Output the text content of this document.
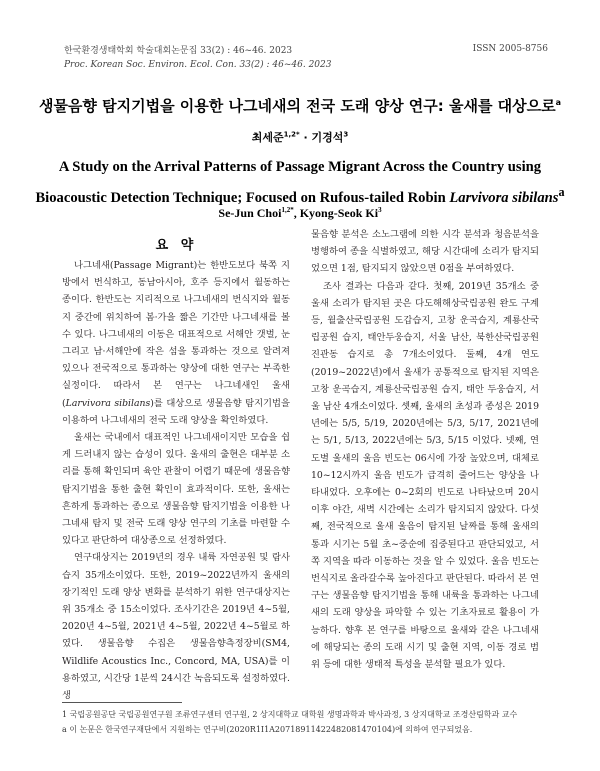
한국환경생태학회 학술대회논문집 33(2) : 46~46. 2023
Proc. Korean Soc. Environ. Ecol. Con. 33(2) : 46~46. 2023
ISSN 2005-8756
생물음향 탐지기법을 이용한 나그네새의 전국 도래 양상 연구: 울새를 대상으로$^a$
최세준$^{1,2*}$ · 기경석$^3$
A Study on the Arrival Patterns of Passage Migrant Across the Country using Bioacoustic Detection Technique; Focused on Rufous-tailed Robin Larvivora sibilans$^a$
Se-Jun Choi$^{1,2*}$, Kyong-Seok Ki$^3$
요 약

나그네새(Passage Migrant)는 한반도보다 북쪽 지방에서 번식하고, 동남아시아, 호주 등지에서 월동하는 종이다. 한반도는 지리적으로 나그네새의 번식지와 월동지 중간에 위치하여 봄·가을 짧은 기간만 나그네새를 볼 수 있다. 나그네새의 이동은 대표적으로 서해안 갯벌, 눈 그리고 남·서해안에 작은 섬을 통과하는 것으로 알려져 있으나 전국적으로 통과하는 양상에 대한 연구는 부족한 실정이다. 따라서 본 연구는 나그네새인 울새(Larvivora sibilans)를 대상으로 생물음향 탐지기법을 이용하여 나그네새의 전국 도래 양상을 확인하였다.

울새는 국내에서 대표적인 나그네새이지만 모습을 쉽게 드러내지 않는 습성이 있다. 울새의 출현은 대부분 소리를 통해 확인되며 육안 관찰이 어렵기 때문에 생물음향 탐지기법을 통한 출현 확인이 효과적이다. 또한, 울새는 흔하게 통과하는 종으로 생물음향 탐지기법을 이용한 나그네새 탐지 및 전국 도래 양상 연구의 기초를 마련할 수 있다고 판단하여 대상종으로 선정하였다.

연구대상지는 2019년의 경우 내륙 자연공원 및 람사습지 35개소이었다. 또한, 2019~2022년까지 울새의 장기적인 도래 양상 변화를 분석하기 위한 연구대상지는 위 35개소 중 15소이었다. 조사기간은 2019년 4~5월, 2020년 4~5월, 2021년 4~5월, 2022년 4~5월로 하였다. 생물음향 수집은 생물음향측정장비(SM4, Wildlife Acoustics Inc., Concord, MA, USA)를 이용하였고, 시간당 1분씩 24시간 녹음되도록 설정하였다. 생

물음향 분석은 소노그램에 의한 시각 분석과 청음분석을 병행하여 종을 식별하였고, 해당 시간대에 소리가 탐지되었으면 1점, 탐지되지 않았으면 0점을 부여하였다.

조사 결과는 다음과 같다. 첫째, 2019년 35개소 중 울새 소리가 탐지된 곳은 다도해해상국립공원 완도 구계등, 월출산국립공원 도갑습지, 고창 운곡습지, 계룡산국립공원 습지, 태안두웅습지, 서울 남산, 북한산국립공원 진관동 습지로 총 7개소이었다. 둘째, 4개 연도(2019~2022년)에서 울새가 공통적으로 탐지된 지역은 고창 운곡습지, 계룡산국립공원 습지, 태안 두웅습지, 서울 남산 4개소이었다. 셋째, 울새의 초성과 종성은 2019년에는 5/5, 5/19, 2020년에는 5/3, 5/17, 2021년에는 5/1, 5/13, 2022년에는 5/3, 5/15 이었다. 넷째, 연도별 울새의 울음 빈도는 06시에 가장 높았으며, 대체로 10~12시까지 울음 빈도가 급격히 줄어드는 양상을 나타내었다. 오후에는 0~2회의 빈도로 나타났으며 20시 이후 야간, 새벽 시간에는 소리가 탐지되지 않았다. 다섯째, 전국적으로 울새 울음이 탐지된 날짜를 통해 울새의 통과 시기는 5월 초~중순에 집중된다고 판단되었고, 서쪽 지역을 따라 이동하는 것을 알 수 있었다. 울음 빈도는 번식지로 올라갈수록 높아진다고 판단된다. 따라서 본 연구는 생물음향 탐지기법을 통해 내륙을 통과하는 나그네새의 도래 양상을 파악할 수 있는 기초자료로 활용이 가능하다. 향후 본 연구를 바탕으로 울새와 같은 나그네새에 해당되는 종의 도래 시기 및 출현 지역, 이동 경로 범위 등에 대한 생태적 특성을 분석할 필요가 있다.

1 국립공원공단 국립공원연구원 조류연구센터 연구원, 2 상지대학교 대학원 생명과학과 박사과정, 3 상지대학교 조경산림학과 교수
a 이 논문은 한국연구재단에서 지원하는 연구비(2020R1I1A2071891142248208147010​4)에 의하여 연구되었음.
